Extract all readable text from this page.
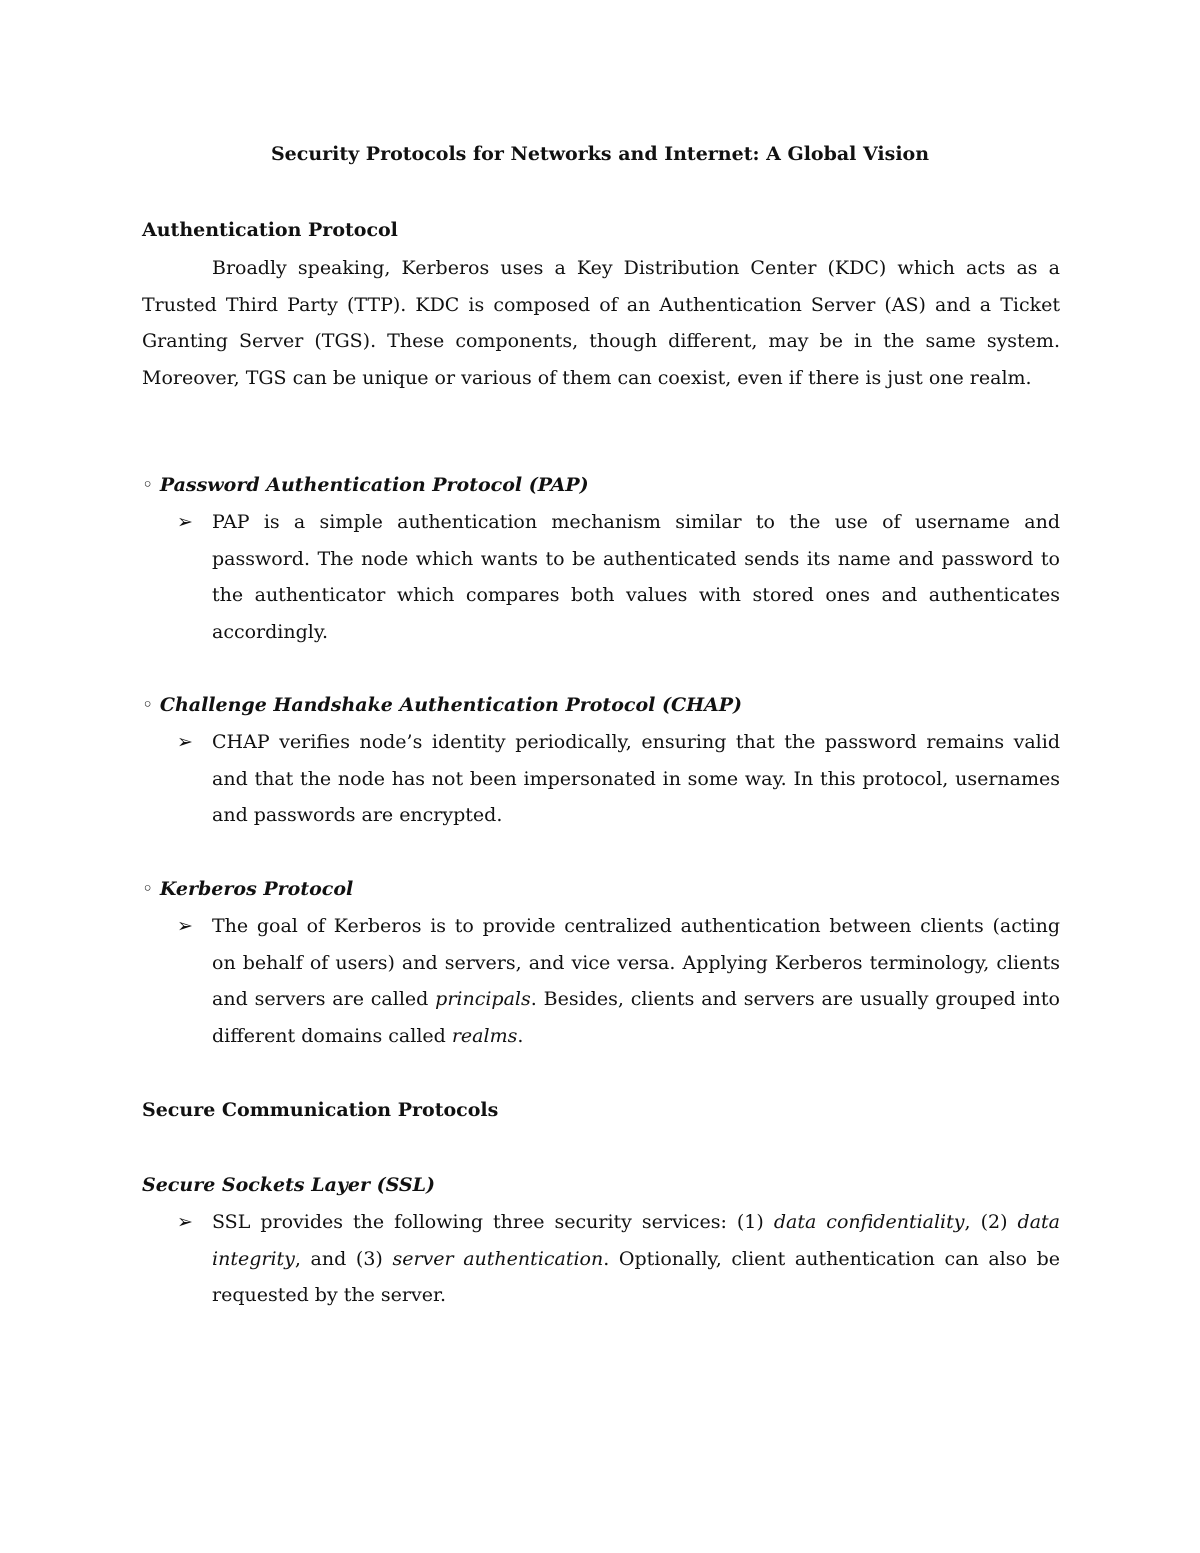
Security Protocols for Networks and Internet: A Global Vision
Authentication Protocol
Broadly speaking, Kerberos uses a Key Distribution Center (KDC) which acts as a Trusted Third Party (TTP). KDC is composed of an Authentication Server (AS) and a Ticket Granting Server (TGS). These components, though different, may be in the same system. Moreover, TGS can be unique or various of them can coexist, even if there is just one realm.
◦ Password Authentication Protocol (PAP)
➢ PAP is a simple authentication mechanism similar to the use of username and password. The node which wants to be authenticated sends its name and password to the authenticator which compares both values with stored ones and authenticates accordingly.
◦ Challenge Handshake Authentication Protocol (CHAP)
➢ CHAP verifies node’s identity periodically, ensuring that the password remains valid and that the node has not been impersonated in some way. In this protocol, usernames and passwords are encrypted.
◦ Kerberos Protocol
➢ The goal of Kerberos is to provide centralized authentication between clients (acting on behalf of users) and servers, and vice versa. Applying Kerberos terminology, clients and servers are called principals. Besides, clients and servers are usually grouped into different domains called realms.
Secure Communication Protocols
Secure Sockets Layer (SSL)
➢ SSL provides the following three security services: (1) data confidentiality, (2) data integrity, and (3) server authentication. Optionally, client authentication can also be requested by the server.
